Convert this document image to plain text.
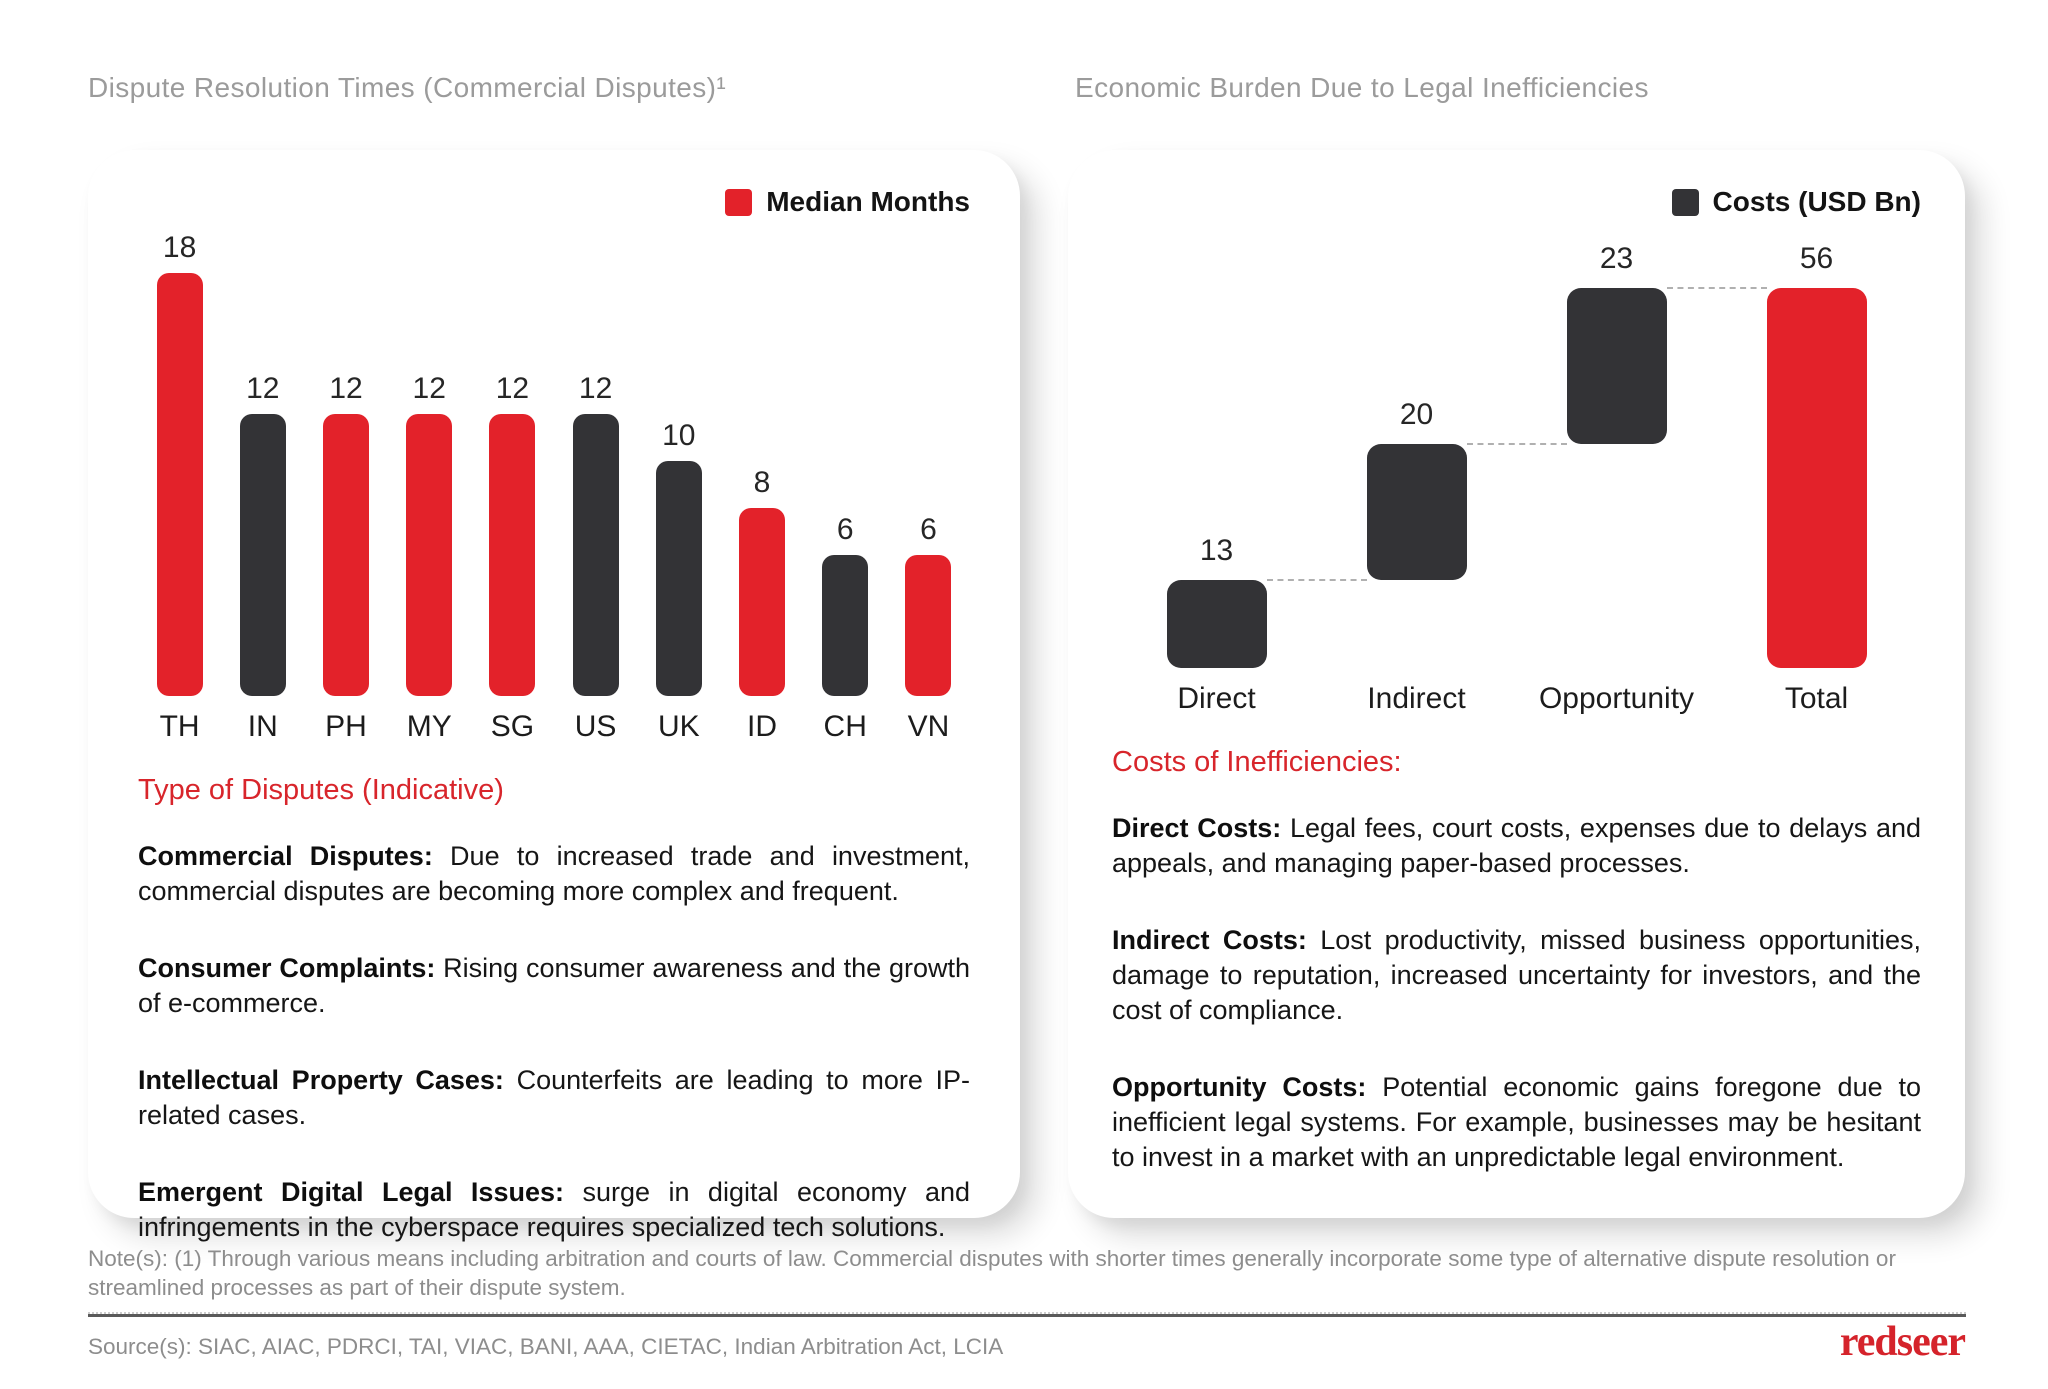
Dispute Resolution Times (Commercial Disputes)¹	Economic Burden Due to Legal Inefficiencies
Median Months
18
TH
12
IN
12
PH
12
MY
12
SG
12
US
10
UK
8
ID
6
CH
6
VN
Type of Disputes (Indicative)

Commercial Disputes: Due to increased trade and investment, commercial disputes are becoming more complex and frequent.

Consumer Complaints: Rising consumer awareness and the growth of e-commerce.

Intellectual Property Cases: Counterfeits are leading to more IP-related cases.

Emergent Digital Legal Issues: surge in digital economy and infringements in the cyberspace requires specialized tech solutions.

Costs (USD Bn)
13
20
23	56
Direct	Indirect	Opportunity	Total
Costs of Inefficiencies:

Direct Costs: Legal fees, court costs, expenses due to delays and appeals, and managing paper-based processes.

Indirect Costs: Lost productivity, missed business opportunities, damage to reputation, increased uncertainty for investors, and the cost of compliance.

Opportunity Costs: Potential economic gains foregone due to inefficient legal systems. For example, businesses may be hesitant to invest in a market with an unpredictable legal environment.

Note(s): (1) Through various means including arbitration and courts of law. Commercial disputes with shorter times generally incorporate some type of alternative dispute resolution or streamlined processes as part of their dispute system.
Source(s): SIAC, AIAC, PDRCI, TAI, VIAC, BANI, AAA, CIETAC, Indian Arbitration Act, LCIA	redseer
